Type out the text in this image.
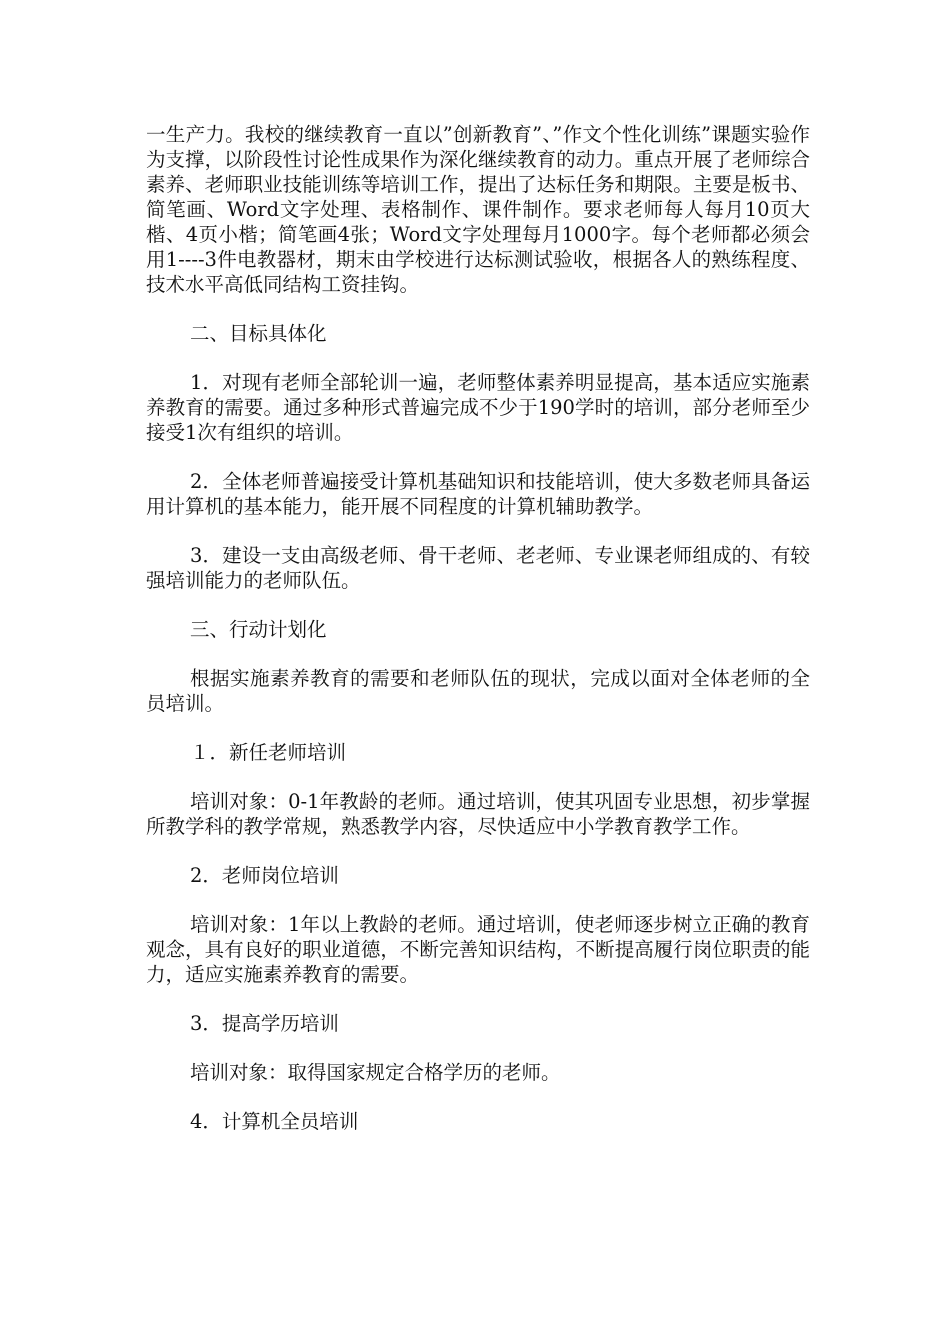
一生产力。我校的继续教育一直以”创新教育”、”作文个性化训练”课题实验作为支撑，以阶段性讨论性成果作为深化继续教育的动力。重点开展了老师综合素养、老师职业技能训练等培训工作，提出了达标任务和期限。主要是板书、简笔画、Word文字处理、表格制作、课件制作。要求老师每人每月10页大楷、4页小楷；简笔画4张；Word文字处理每月1000字。每个老师都必须会用1----3件电教器材，期末由学校进行达标测试验收，根据各人的熟练程度、技术水平高低同结构工资挂钩。

二、目标具体化

1．对现有老师全部轮训一遍，老师整体素养明显提高，基本适应实施素养教育的需要。通过多种形式普遍完成不少于190学时的培训，部分老师至少接受1次有组织的培训。

2．全体老师普遍接受计算机基础知识和技能培训，使大多数老师具备运用计算机的基本能力，能开展不同程度的计算机辅助教学。

3．建设一支由高级老师、骨干老师、老老师、专业课老师组成的、有较强培训能力的老师队伍。

三、行动计划化

根据实施素养教育的需要和老师队伍的现状，完成以面对全体老师的全员培训。

１．新任老师培训

培训对象：0-1年教龄的老师。通过培训，使其巩固专业思想，初步掌握所教学科的教学常规，熟悉教学内容，尽快适应中小学教育教学工作。

2．老师岗位培训

培训对象：1年以上教龄的老师。通过培训，使老师逐步树立正确的教育观念，具有良好的职业道德，不断完善知识结构，不断提高履行岗位职责的能力，适应实施素养教育的需要。

3．提高学历培训

培训对象：取得国家规定合格学历的老师。

4．计算机全员培训
